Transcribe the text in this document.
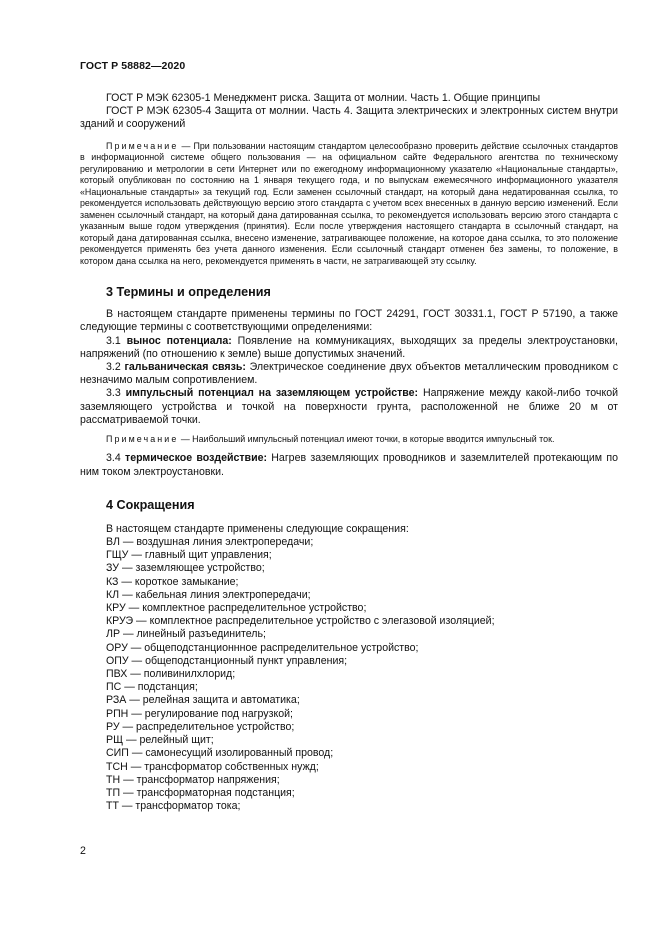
ГОСТ Р 58882—2020

ГОСТ Р МЭК 62305-1 Менеджмент риска. Защита от молнии. Часть 1. Общие принципы

ГОСТ Р МЭК 62305-4 Защита от молнии. Часть 4. Защита электрических и электронных систем внутри зданий и сооружений

Примечание — При пользовании настоящим стандартом целесообразно проверить действие ссылочных стандартов в информационной системе общего пользования — на официальном сайте Федерального агентства по техническому регулированию и метрологии в сети Интернет или по ежегодному информационному указателю «Национальные стандарты», который опубликован по состоянию на 1 января текущего года, и по выпускам ежемесячного информационного указателя «Национальные стандарты» за текущий год. Если заменен ссылочный стандарт, на который дана недатированная ссылка, то рекомендуется использовать действующую версию этого стандарта с учетом всех внесенных в данную версию изменений. Если заменен ссылочный стандарт, на который дана датированная ссылка, то рекомендуется использовать версию этого стандарта с указанным выше годом утверждения (принятия). Если после утверждения настоящего стандарта в ссылочный стандарт, на который дана датированная ссылка, внесено изменение, затрагивающее положение, на которое дана ссылка, то это положение рекомендуется применять без учета данного изменения. Если ссылочный стандарт отменен без замены, то положение, в котором дана ссылка на него, рекомендуется применять в части, не затрагивающей эту ссылку.

3 Термины и определения

В настоящем стандарте применены термины по ГОСТ 24291, ГОСТ 30331.1, ГОСТ Р 57190, а также следующие термины с соответствующими определениями:

3.1 вынос потенциала: Появление на коммуникациях, выходящих за пределы электроустановки, напряжений (по отношению к земле) выше допустимых значений.

3.2 гальваническая связь: Электрическое соединение двух объектов металлическим проводником с незначимо малым сопротивлением.

3.3 импульсный потенциал на заземляющем устройстве: Напряжение между какой-либо точкой заземляющего устройства и точкой на поверхности грунта, расположенной не ближе 20 м от рассматриваемой точки.

Примечание — Наибольший импульсный потенциал имеют точки, в которые вводится импульсный ток.

3.4 термическое воздействие: Нагрев заземляющих проводников и заземлителей протекающим по ним током электроустановки.

4 Сокращения

В настоящем стандарте применены следующие сокращения:

ВЛ — воздушная линия электропередачи;

ГЩУ — главный щит управления;

ЗУ — заземляющее устройство;

КЗ — короткое замыкание;

КЛ — кабельная линия электропередачи;

КРУ — комплектное распределительное устройство;

КРУЭ — комплектное распределительное устройство с элегазовой изоляцией;

ЛР — линейный разъединитель;

ОРУ — общеподстанционнное распределительное устройство;

ОПУ — общеподстанционный пункт управления;

ПВХ — поливинилхлорид;

ПС — подстанция;

РЗА — релейная защита и автоматика;

РПН — регулирование под нагрузкой;

РУ — распределительное устройство;

РЩ — релейный щит;

СИП — самонесущий изолированный провод;

ТСН — трансформатор собственных нужд;

ТН — трансформатор напряжения;

ТП — трансформаторная подстанция;

ТТ — трансформатор тока;

2
